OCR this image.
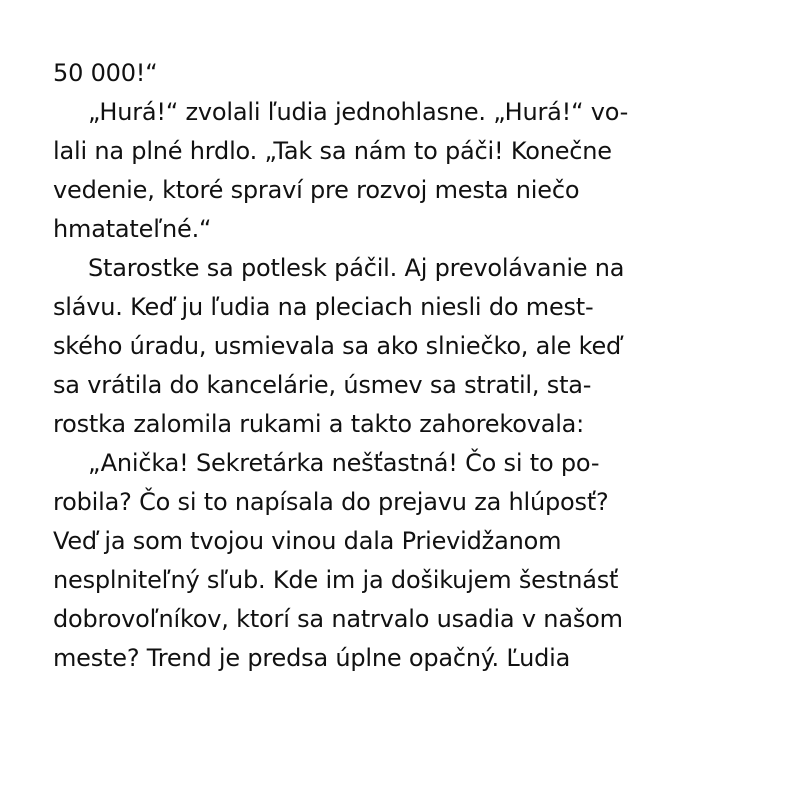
50 000!“
„Hurá!“ zvolali ľudia jednohlasne. „Hurá!“ vo-
lali na plné hrdlo. „Tak sa nám to páči! Konečne
vedenie, ktoré spraví pre rozvoj mesta niečo
hmatateľné.“
Starostke sa potlesk páčil. Aj prevolávanie na
slávu. Keď ju ľudia na pleciach niesli do mest-
ského úradu, usmievala sa ako slniečko, ale keď
sa vrátila do kancelárie, úsmev sa stratil, sta-
rostka zalomila rukami a takto zahorekovala:
„Anička! Sekretárka nešťastná! Čo si to po-
robila? Čo si to napísala do prejavu za hlúposť?
Veď ja som tvojou vinou dala Prievidžanom
nesplniteľný sľub. Kde im ja došikujem šestnásť
dobrovoľníkov, ktorí sa natrvalo usadia v našom
meste? Trend je predsa úplne opačný. Ľudia
